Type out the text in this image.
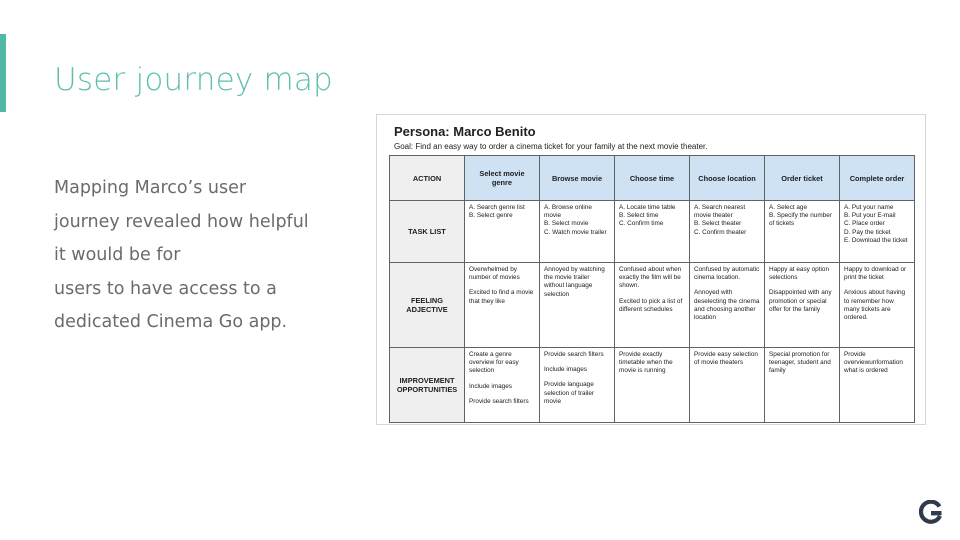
User journey map
Mapping Marco’s user
journey revealed how helpful
it would be for
users to have access to a
dedicated Cinema Go app.
Persona: Marco Benito
Goal: Find an easy way to order a cinema ticket for your family at the next movie theater.
ACTION	Select movie genre	Browse movie	Choose time	Choose location	Order ticket	Complete order
TASK LIST	A. Search genre list
B. Select genre	A. Browse online movie
B. Select movie
C. Watch movie trailer	A. Locate time table
B. Select time
C. Confirm time	A. Search nearest movie theater
B. Select theater
C. Confirm theater	A. Select age
B. Specify the number of tickets	A. Put your name
B. Put your E-mail
C. Place order
D. Pay the ticket
E. Download the ticket

FEELING ADJECTIVE	Overwhelmed by number of movies
Excited to find a movie that they like	Annoyed by watching the movie trailer without language selection	Confused about when exactly the film will be shown.
Excited to pick a list of different schedules	Confused by automatic cinema location.
Annoyed with deselecting the cinema and choosing another location	Happy at easy option selections
Disappointed with any promotion or special offer for the family	Happy to download or print the ticket
Anxious about having to remember how many tickets are ordered.

IMPROVEMENT OPPORTUNITIES	Create a genre overview for easy selection
Include images
Provide search filters	Provide search filters
Include images
Provide language selection of trailer movie	Provide exactly timetable when the movie is running	Provide easy selection of movie theaters	Special promotion for teenager, student and family	Provide overviewunformation what is ordered
